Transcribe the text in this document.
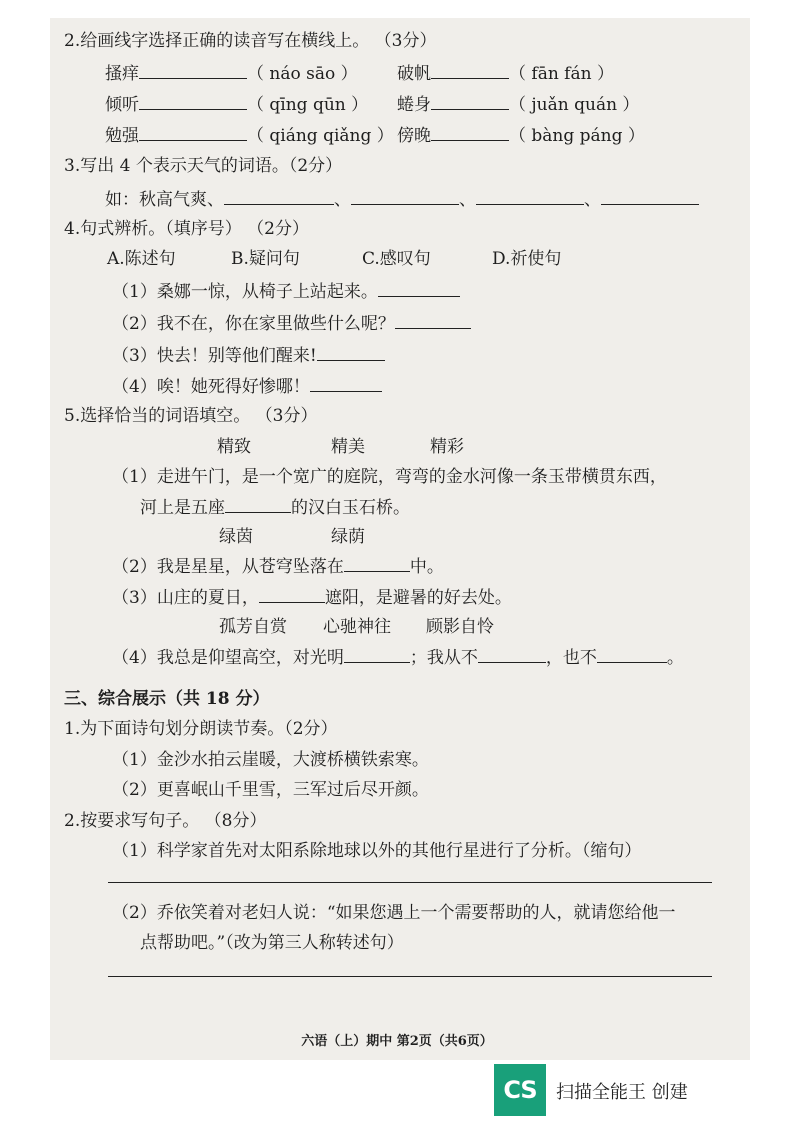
2.给画线字选择正确的读音写在横线上。 （3分）
搔痒	（ náo sāo ） 破帆	（ fān fán ）
倾听	（ qīng qūn ） 蜷身	（ juǎn quán ）
勉强	（ qiáng qiǎng ） 傍晚	（ bàng páng ）
3.写出 4 个表示天气的词语。（2分）
如：秋高气爽、	、	、	、
4.句式辨析。（填序号） （2分）
A.陈述句	B.疑问句	C.感叹句	D.祈使句
（1）桑娜一惊，从椅子上站起来。
（2）我不在，你在家里做些什么呢？
（3）快去！别等他们醒来!
（4）唉！她死得好惨哪！
5.选择恰当的词语填空。 （3分）
精致	精美	精彩
（1）走进午门，是一个宽广的庭院，弯弯的金水河像一条玉带横贯东西，
河上是五座	的汉白玉石桥。
绿茵	绿荫
（2）我是星星，从苍穹坠落在	中。
（3）山庄的夏日，	遮阳，是避暑的好去处。
孤芳自赏 心驰神往 顾影自怜
（4）我总是仰望高空，对光明	；我从不	，也不	。
三、综合展示（共 18 分）
1.为下面诗句划分朗读节奏。（2分）
（1）金沙水拍云崖暖，大渡桥横铁索寒。
（2）更喜岷山千里雪，三军过后尽开颜。
2.按要求写句子。 （8分）
（1）科学家首先对太阳系除地球以外的其他行星进行了分析。（缩句）
（2）乔依笑着对老妇人说：“如果您遇上一个需要帮助的人，就请您给他一
点帮助吧。”（改为第三人称转述句）
六语（上）期中 第2页（共6页）
CS	扫描全能王 创建
